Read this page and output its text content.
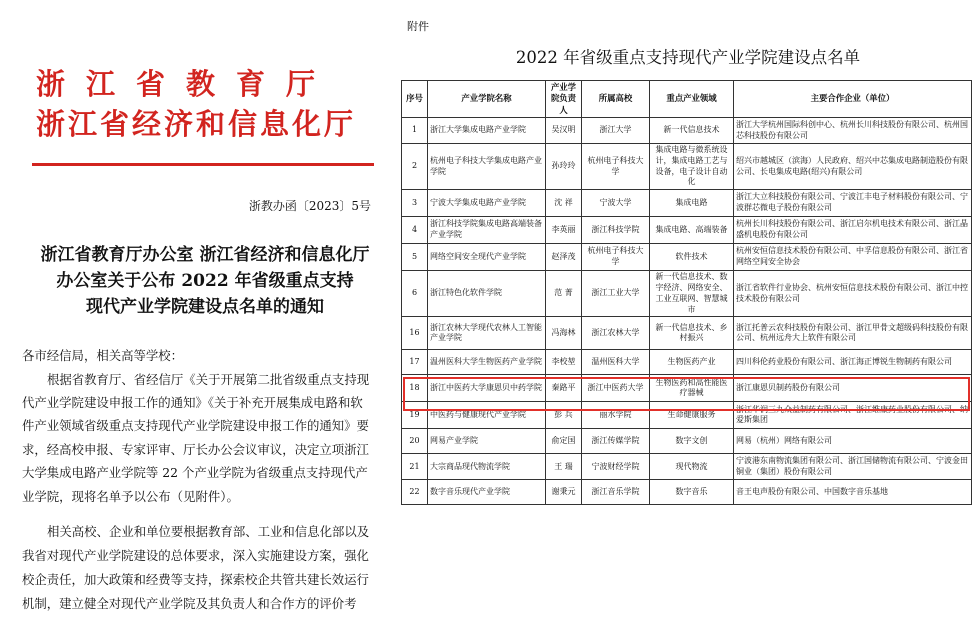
浙江省教育厅
浙江省经济和信息化厅
浙教办函〔2023〕5号
浙江省教育厅办公室 浙江省经济和信息化厅
办公室关于公布 2022 年省级重点支持
现代产业学院建设点名单的通知
各市经信局，相关高等学校：
根据省教育厅、省经信厅《关于开展第二批省级重点支持现
代产业学院建设申报工作的通知》《关于补充开展集成电路和软
件产业领域省级重点支持现代产业学院建设申报工作的通知》要
求，经高校申报、专家评审、厅长办公会议审议，决定立项浙江
大学集成电路产业学院等 22 个产业学院为省级重点支持现代产
业学院，现将名单予以公布（见附件）。
相关高校、企业和单位要根据教育部、工业和信息化部以及
我省对现代产业学院建设的总体要求，深入实施建设方案，强化
校企责任，加大政策和经费等支持，探索校企共管共建长效运行
机制，建立健全对现代产业学院及其负责人和合作方的评价考
附件
2022 年省级重点支持现代产业学院建设点名单
序号	产业学院名称	产业学院负责人	所属高校	重点产业领域	主要合作企业（单位）
1	浙江大学集成电路产业学院	吴汉明	浙江大学	新一代信息技术	浙江大学杭州国际科创中心、杭州长川科技股份有限公司、杭州国芯科技股份有限公司
2	杭州电子科技大学集成电路产业学院	孙玲玲	杭州电子科技大学	集成电路与微系统设计，集成电路工艺与设备，电子设计自动化	绍兴市越城区（滨海）人民政府、绍兴中芯集成电路制造股份有限公司、长电集成电路(绍兴)有限公司
3	宁波大学集成电路产业学院	沈 祥	宁波大学	集成电路	浙江大立科技股份有限公司、宁波江丰电子材料股份有限公司、宁波群芯微电子股份有限公司
4	浙江科技学院集成电路高端装备产业学院	李英丽	浙江科技学院	集成电路、高端装备	杭州长川科技股份有限公司、浙江启尔机电技术有限公司、浙江晶盛机电股份有限公司
5	网络空间安全现代产业学院	赵泽茂	杭州电子科技大学	软件技术	杭州安恒信息技术股份有限公司、中孚信息股份有限公司、浙江省网络空间安全协会
6	浙江特色化软件学院	范 菁	浙江工业大学	新一代信息技术、数字经济、网络安全、工业互联网、智慧城市	浙江省软件行业协会、杭州安恒信息技术股份有限公司、浙江中控技术股份有限公司
16	浙江农林大学现代农林人工智能产业学院	冯海林	浙江农林大学	新一代信息技术、乡村振兴	浙江托普云农科技股份有限公司、浙江甲骨文超级码科技股份有限公司、杭州远舟大上软件有限公司
17	温州医科大学生物医药产业学院	李校堃	温州医科大学	生物医药产业	四川科伦药业股份有限公司、浙江海正博锐生物制药有限公司
18	浙江中医药大学康恩贝中药学院	秦路平	浙江中医药大学	生物医药和高性能医疗器械	浙江康恩贝制药股份有限公司
19	中医药与健康现代产业学院	彭 兵	丽水学院	生命健康服务	浙江华润三九众益制药有限公司、浙江维康药业股份有限公司、纳爱斯集团
20	网易产业学院	俞定国	浙江传媒学院	数字文创	网易（杭州）网络有限公司
21	大宗商品现代物流学院	王 瑞	宁波财经学院	现代物流	宁波港东南物流集团有限公司、浙江国储物流有限公司、宁波金田铜业（集团）股份有限公司
22	数字音乐现代产业学院	谢秉元	浙江音乐学院	数字音乐	音王电声股份有限公司、中国数字音乐基地
